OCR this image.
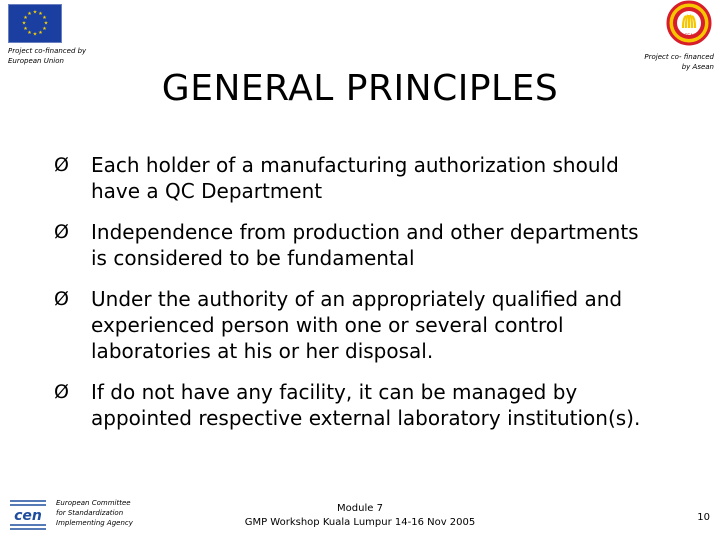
★ ★
★
★
★
★
★
★
★
★
★
★
Project co-financed by
European Union
ASEAN
Project co- financed
by Asean
GENERAL PRINCIPLES
Ø Each holder of a manufacturing authorization should
have a QC Department
Ø Independence from production and other departments
is considered to be fundamental
Ø Under the authority of an appropriately qualified and
experienced person with one or several control
laboratories at his or her disposal.
Ø If do not have any facility, it can be managed by
appointed respective external laboratory institution(s).
cen
European Committee
for Standardization
Implementing Agency
Module 7
GMP Workshop Kuala Lumpur 14-16 Nov 2005	10
